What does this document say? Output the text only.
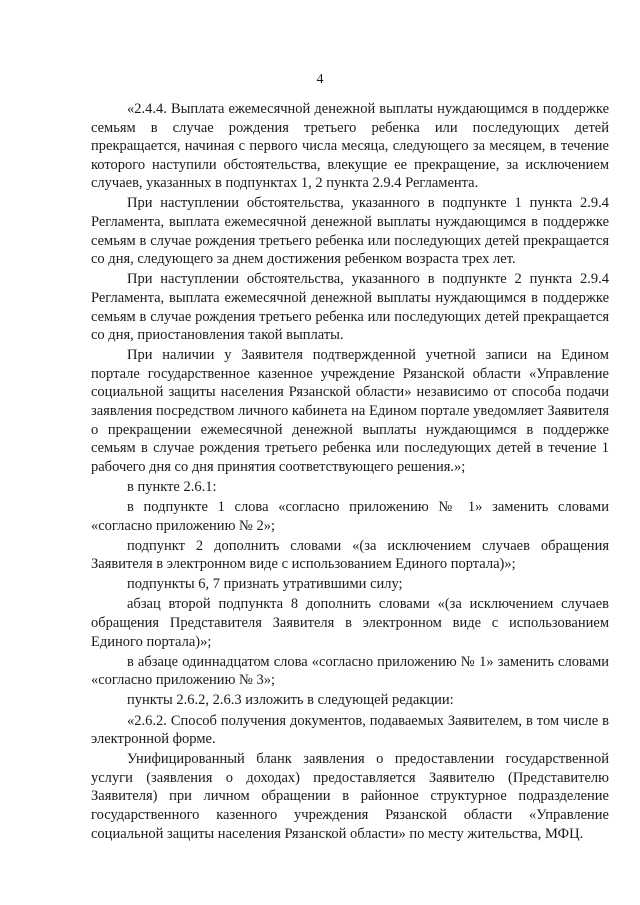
4

«2.4.4. Выплата ежемесячной денежной выплаты нуждающимся в поддержке семьям в случае рождения третьего ребенка или последующих детей прекращается, начиная с первого числа месяца, следующего за месяцем, в течение которого наступили обстоятельства, влекущие ее прекращение, за исключением случаев, указанных в подпунктах 1, 2 пункта 2.9.4 Регламента.

При наступлении обстоятельства, указанного в подпункте 1 пункта 2.9.4 Регламента, выплата ежемесячной денежной выплаты нуждающимся в поддержке семьям в случае рождения третьего ребенка или последующих детей прекращается со дня, следующего за днем достижения ребенком возраста трех лет.

При наступлении обстоятельства, указанного в подпункте 2 пункта 2.9.4 Регламента, выплата ежемесячной денежной выплаты нуждающимся в поддержке семьям в случае рождения третьего ребенка или последующих детей прекращается со дня, приостановления такой выплаты.

При наличии у Заявителя подтвержденной учетной записи на Едином портале государственное казенное учреждение Рязанской области «Управление социальной защиты населения Рязанской области» независимо от способа подачи заявления посредством личного кабинета на Едином портале уведомляет Заявителя о прекращении ежемесячной денежной выплаты нуждающимся в поддержке семьям в случае рождения третьего ребенка или последующих детей в течение 1 рабочего дня со дня принятия соответствующего решения.»;

в пункте 2.6.1:

в подпункте 1 слова «согласно приложению № 1» заменить словами «согласно приложению № 2»;

подпункт 2 дополнить словами «(за исключением случаев обращения Заявителя в электронном виде с использованием Единого портала)»;

подпункты 6, 7 признать утратившими силу;

абзац второй подпункта 8 дополнить словами «(за исключением случаев обращения Представителя Заявителя в электронном виде с использованием Единого портала)»;

в абзаце одиннадцатом слова «согласно приложению № 1» заменить словами «согласно приложению № 3»;

пункты 2.6.2, 2.6.3 изложить в следующей редакции:

«2.6.2. Способ получения документов, подаваемых Заявителем, в том числе в электронной форме.

Унифицированный бланк заявления о предоставлении государственной услуги (заявления о доходах) предоставляется Заявителю (Представителю Заявителя) при личном обращении в районное структурное подразделение государственного казенного учреждения Рязанской области «Управление социальной защиты населения Рязанской области» по месту жительства, МФЦ.
